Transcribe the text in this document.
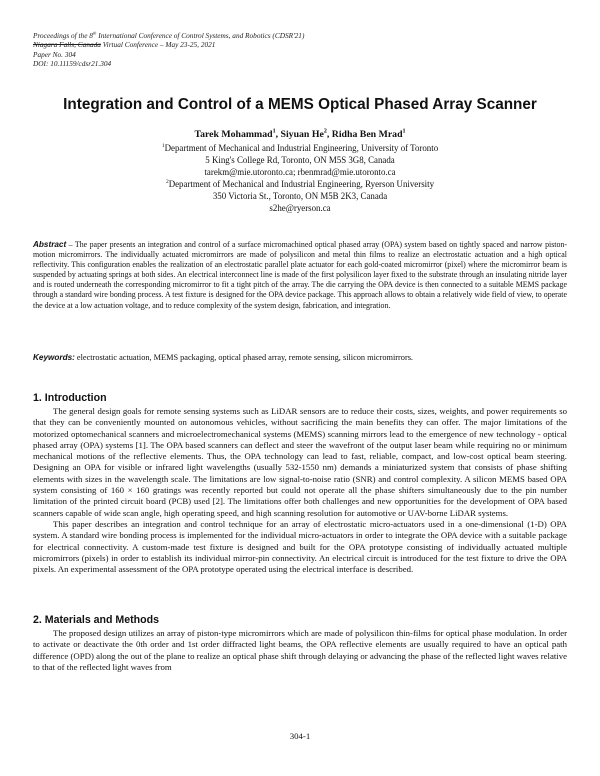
Proceedings of the 8th International Conference of Control Systems, and Robotics (CDSR'21)
Niagara Falls, Canada Virtual Conference – May 23-25, 2021
Paper No. 304
DOI: 10.11159/cdsr21.304
Integration and Control of a MEMS Optical Phased Array Scanner
Tarek Mohammad$^1$, Siyuan He$^2$, Ridha Ben Mrad$^1$
$^1$Department of Mechanical and Industrial Engineering, University of Toronto
5 King's College Rd, Toronto, ON M5S 3G8, Canada
tarekm@mie.utoronto.ca; rbenmrad@mie.utoronto.ca
$^2$Department of Mechanical and Industrial Engineering, Ryerson University
350 Victoria St., Toronto, ON M5B 2K3, Canada
s2he@ryerson.ca
Abstract – The paper presents an integration and control of a surface micromachined optical phased array (OPA) system based on tightly spaced and narrow piston-motion micromirrors. The individually actuated micromirrors are made of polysilicon and metal thin films to realize an electrostatic actuation and a high optical reflectivity. This configuration enables the realization of an electrostatic parallel plate actuator for each gold-coated micromirror (pixel) where the micromirror beam is suspended by actuating springs at both sides. An electrical interconnect line is made of the first polysilicon layer fixed to the substrate through an insulating nitride layer and is routed underneath the corresponding micromirror to fit a tight pitch of the array. The die carrying the OPA device is then connected to a suitable MEMS package through a standard wire bonding process. A test fixture is designed for the OPA device package. This approach allows to obtain a relatively wide field of view, to operate the device at a low actuation voltage, and to reduce complexity of the system design, fabrication, and integration.
Keywords: electrostatic actuation, MEMS packaging, optical phased array, remote sensing, silicon micromirrors.
1. Introduction

The general design goals for remote sensing systems such as LiDAR sensors are to reduce their costs, sizes, weights, and power requirements so that they can be conveniently mounted on autonomous vehicles, without sacrificing the main benefits they can offer. The major limitations of the motorized optomechanical scanners and microelectromechanical systems (MEMS) scanning mirrors lead to the emergence of new technology - optical phased array (OPA) systems [1]. The OPA based scanners can deflect and steer the wavefront of the output laser beam while requiring no or minimum mechanical motions of the reflective elements. Thus, the OPA technology can lead to fast, reliable, compact, and low-cost optical beam steering. Designing an OPA for visible or infrared light wavelengths (usually 532-1550 nm) demands a miniaturized system that consists of phase shifting elements with sizes in the wavelength scale. The limitations are low signal-to-noise ratio (SNR) and control complexity. A silicon MEMS based OPA system consisting of 160 × 160 gratings was recently reported but could not operate all the phase shifters simultaneously due to the pin number limitation of the printed circuit board (PCB) used [2]. The limitations offer both challenges and new opportunities for the development of OPA based scanners capable of wide scan angle, high operating speed, and high scanning resolution for automotive or UAV-borne LiDAR systems.

This paper describes an integration and control technique for an array of electrostatic micro-actuators used in a one-dimensional (1-D) OPA system. A standard wire bonding process is implemented for the individual micro-actuators in order to integrate the OPA device with a suitable package for electrical connectivity. A custom-made test fixture is designed and built for the OPA prototype consisting of individually actuated multiple micromirrors (pixels) in order to establish its individual mirror-pin connectivity. An electrical circuit is introduced for the test fixture to drive the OPA pixels. An experimental assessment of the OPA prototype operated using the electrical interface is described.

2. Materials and Methods

The proposed design utilizes an array of piston-type micromirrors which are made of polysilicon thin-films for optical phase modulation. In order to activate or deactivate the 0th order and 1st order diffracted light beams, the OPA reflective elements are usually required to have an optical path difference (OPD) along the out of the plane to realize an optical phase shift through delaying or advancing the phase of the reflected light waves relative to that of the reflected light waves from

304-1
